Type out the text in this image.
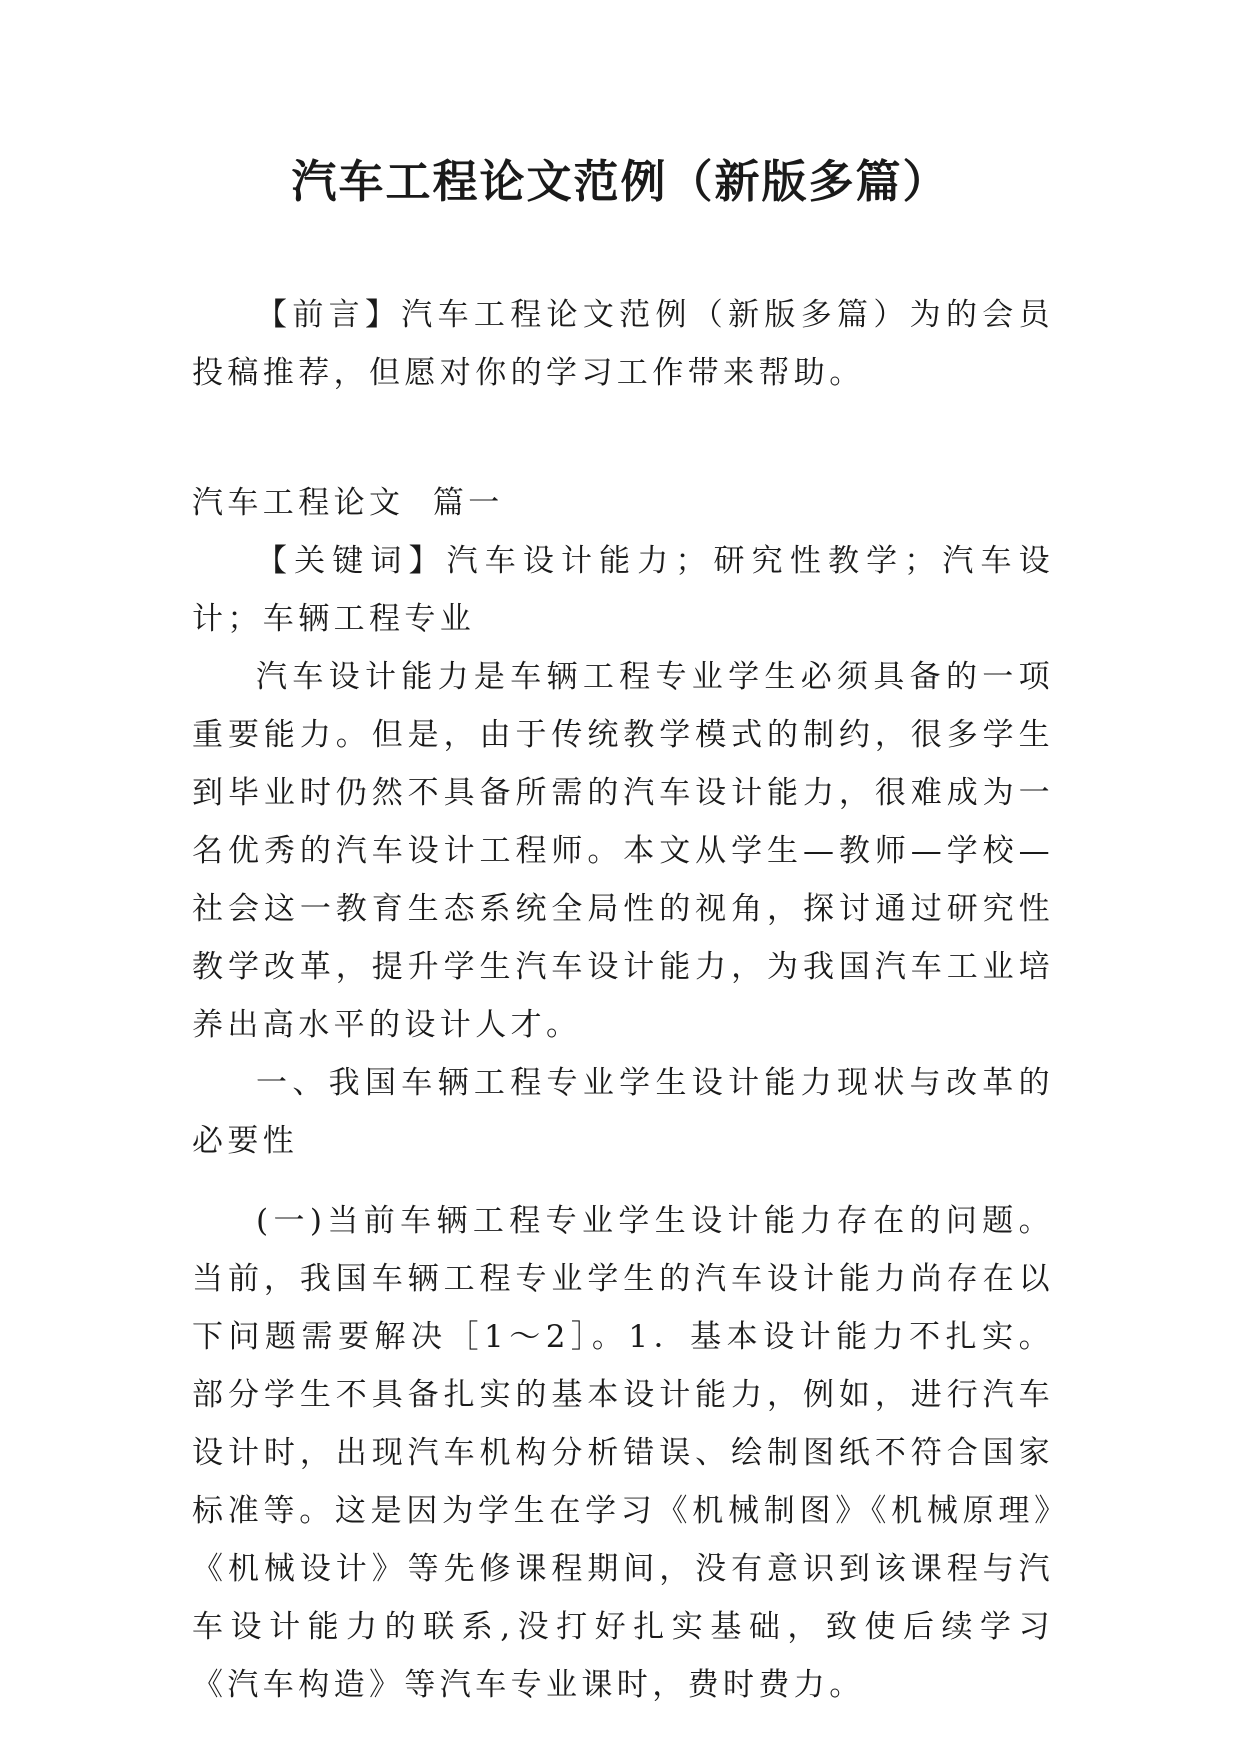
汽车工程论文范例（新版多篇）

【前言】汽车工程论文范例（新版多篇）为的会员投稿推荐，但愿对你的学习工作带来帮助。

汽车工程论文  篇一

【关键词】汽车设计能力；研究性教学；汽车设计；车辆工程专业

汽车设计能力是车辆工程专业学生必须具备的一项重要能力。但是，由于传统教学模式的制约，很多学生到毕业时仍然不具备所需的汽车设计能力，很难成为一名优秀的汽车设计工程师。本文从学生—教师—学校—社会这一教育生态系统全局性的视角，探讨通过研究性教学改革，提升学生汽车设计能力，为我国汽车工业培养出高水平的设计人才。

一、我国车辆工程专业学生设计能力现状与改革的必要性

(一)当前车辆工程专业学生设计能力存在的问题。当前，我国车辆工程专业学生的汽车设计能力尚存在以下问题需要解决［1～2］。1．基本设计能力不扎实。部分学生不具备扎实的基本设计能力，例如，进行汽车设计时，出现汽车机构分析错误、绘制图纸不符合国家标准等。这是因为学生在学习《机械制图》《机械原理》《机械设计》等先修课程期间，没有意识到该课程与汽车设计能力的联系,没打好扎实基础，致使后续学习《汽车构造》等汽车专业课时，费时费力。
